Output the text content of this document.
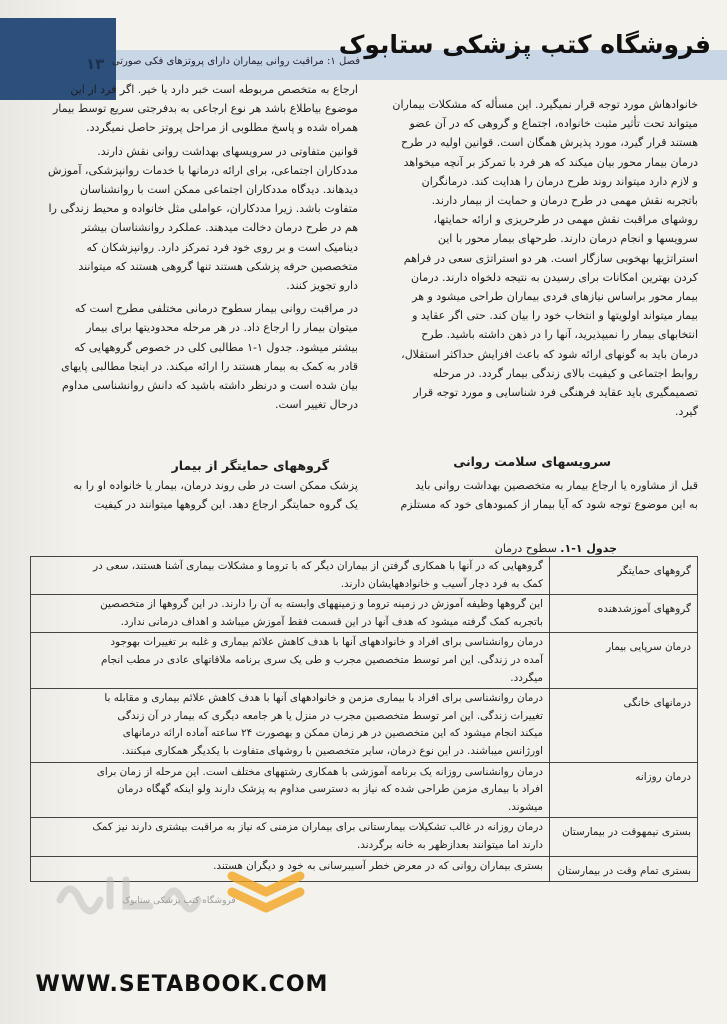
۱۳ فصل ۱: مراقبت روانی بیماران دارای پروتزهای فکی صورتی
فروشگاه کتب پزشکی ستابوک
خانوادهاش مورد توجه قرار نمیگیرد. این مسأله که مشکلات بیماران
میتواند تحت تأثیر مثبت خانواده، اجتماع و گروهی که در آن عضو
هستند قرار گیرد، مورد پذیرش همگان است. قوانین اولیه در طرح
درمان بیمار محور بیان میکند که هر فرد با تمرکز بر آنچه میخواهد
و لازم دارد میتواند روند طرح درمان را هدایت کند. درمانگران
باتجربه نقش مهمی در طرح درمان و حمایت از بیمار دارند.
روشهای مراقبت نقش مهمی در طرحریزی و ارائه حمایتها،
سرویسها و انجام درمان دارند. طرحهای بیمار محور با این
استراتژیها بهخوبی سازگار است. هر دو استراتژی سعی در فراهم
کردن بهترین امکانات برای رسیدن به نتیجه دلخواه دارند. درمان
بیمار محور براساس نیازهای فردی بیماران طراحی میشود و هر
بیمار میتواند اولویتها و انتخاب خود را بیان کند. حتی اگر عقاید و
انتخابهای بیمار را نمیپذیرید، آنها را در ذهن داشته باشید. طرح
درمان باید به گونهای ارائه شود که باعث افزایش حداکثر استقلال،
روابط اجتماعی و کیفیت بالای زندگی بیمار گردد. در مرحله
تصمیمگیری باید عقاید فرهنگی فرد شناسایی و مورد توجه قرار
گیرد.
ارجاع به متخصص مربوطه است خبر دارد یا خیر. اگر فرد از این
موضوع بیاطلاع باشد هر نوع ارجاعی به بدفرجتی سریع توسط بیمار
همراه شده و پاسخ مطلوبی از مراحل پروتز حاصل نمیگردد.
قوانین متفاوتی در سرویسهای بهداشت روانی نقش دارند.
مددکاران اجتماعی، برای ارائه درمانها با خدمات روانپزشکی، آموزش
دیدهاند. دیدگاه مددکاران اجتماعی ممکن است با روانشناسان
متفاوت باشد. زیرا مددکاران، عواملی مثل خانواده و محیط زندگی را
هم در طرح درمان دخالت میدهند. عملکرد روانشناسان بیشتر
دینامیک است و بر روی خود فرد تمرکز دارد. روانپزشکان که
متخصصین حرفه پزشکی هستند تنها گروهی هستند که میتوانند
دارو تجویز کنند.
در مراقبت روانی بیمار سطوح درمانی مختلفی مطرح است که
میتوان بیمار را ارجاع داد. در هر مرحله محدودیتها برای بیمار
بیشتر میشود. جدول ۱-۱ مطالبی کلی در خصوص گروههایی که
قادر به کمک به بیمار هستند را ارائه میکند. در اینجا مطالبی پایهای
بیان شده است و درنظر داشته باشید که دانش روانشناسی مداوم
درحال تغییر است.
سرویسهای سلامت روانی
گروههای حمایتگر از بیمار
قبل از مشاوره یا ارجاع بیمار به متخصصین بهداشت روانی باید
به این موضوع توجه شود که آیا بیمار از کمبودهای خود که مستلزم
پزشک ممکن است در طی روند درمان، بیمار یا خانواده او را به
یک گروه حمایتگر ارجاع دهد. این گروهها میتوانند در کیفیت
جدول ۱-۱. سطوح درمان
گروههای حمایتگر	گروههایی که در آنها با همکاری گرفتن از بیماران دیگر که با تروما و مشکلات بیماری آشنا هستند، سعی در
کمک به فرد دچار آسیب و خانوادههایشان دارند.

گروههای آموزشدهنده	این گروهها وظیفه آموزش در زمینه تروما و زمینههای وابسته به آن را دارند. در این گروهها از متخصصین
باتجربه کمک گرفته میشود که هدف آنها در این قسمت فقط آموزش میباشد و اهداف درمانی ندارد.

درمان سرپایی بیمار	درمان روانشناسی برای افراد و خانوادههای آنها با هدف کاهش علائم بیماری و غلبه بر تغییرات بهوجود
آمده در زندگی. این امر توسط متخصصین مجرب و طی یک سری برنامه ملاقاتهای عادی در مطب انجام
میگردد.

درمانهای خانگی	درمان روانشناسی برای افراد با بیماری مزمن و خانوادههای آنها با هدف کاهش علائم بیماری و مقابله با
تغییرات زندگی. این امر توسط متخصصین مجرب در منزل یا هر جامعه دیگری که بیمار در آن زندگی
میکند انجام میشود که این متخصصین در هر زمان ممکن و بهصورت ۲۴ ساعته آماده ارائه درمانهای
اورژانس میباشند. در این نوع درمان، سایر متخصصین با روشهای متفاوت با یکدیگر همکاری میکنند.

درمان روزانه	درمان روانشناسی روزانه یک برنامه آموزشی با همکاری رشتههای مختلف است. این مرحله از زمان برای
افراد با بیماری مزمن طراحی شده که نیاز به دسترسی مداوم به پزشک دارند ولو اینکه گهگاه درمان
میشوند.

بستری نیمهوقت در بیمارستان	درمان روزانه در غالب تشکیلات بیمارستانی برای بیماران مزمنی که نیاز به مراقبت بیشتری دارند نیز کمک
دارند اما میتوانند بعدازظهر به خانه برگردند.

بستری تمام وقت در بیمارستان	بستری بیماران روانی که در معرض خطر آسیبرسانی به خود و دیگران هستند.
فروشگاه کتب پزشکی ستابوک
WWW.SETABOOK.COM
